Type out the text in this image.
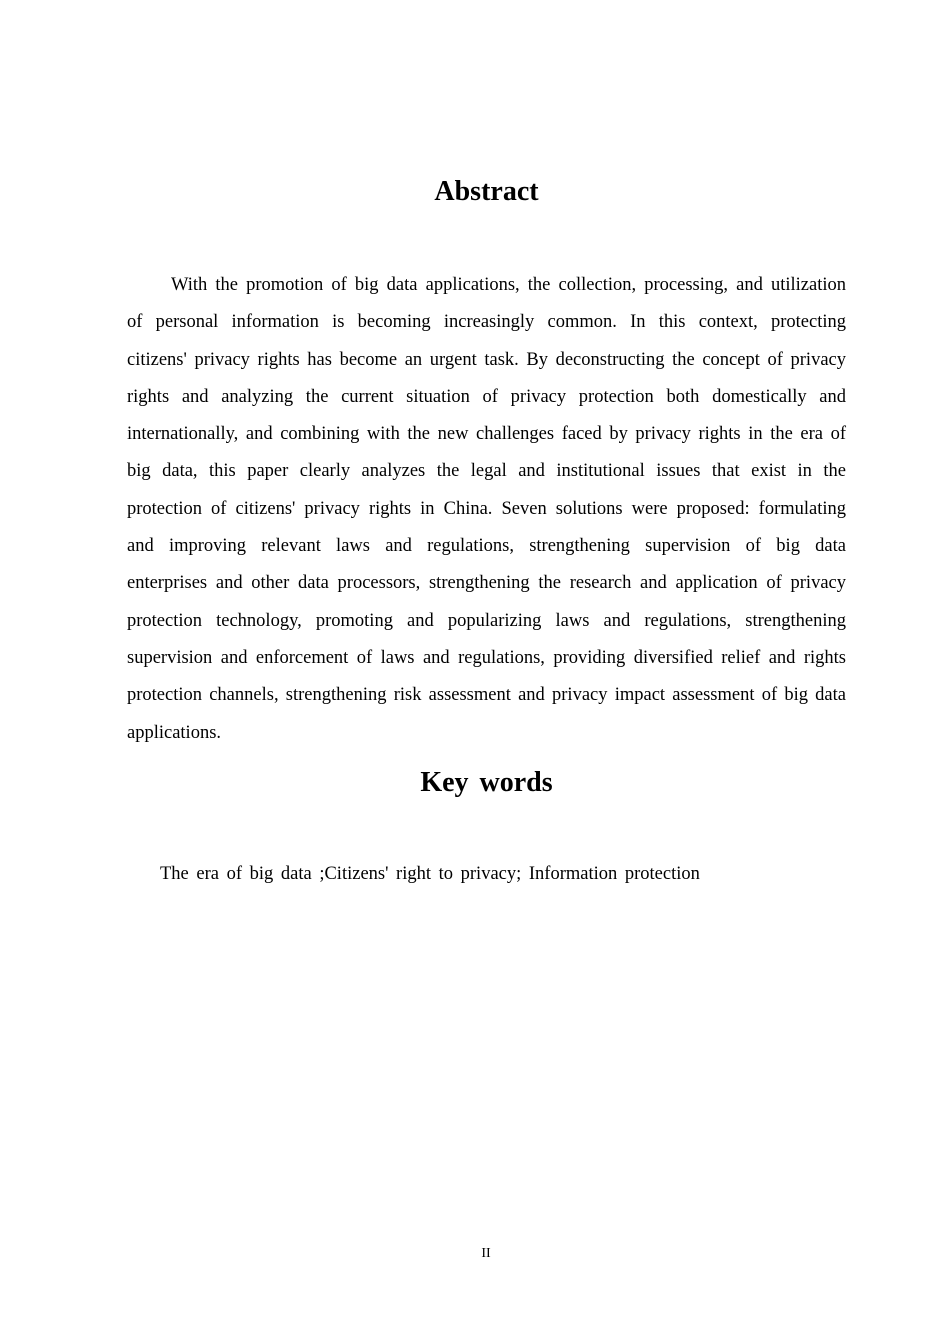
Abstract

With the promotion of big data applications, the collection, processing, and utilization of personal information is becoming increasingly common. In this context, protecting citizens' privacy rights has become an urgent task. By deconstructing the concept of privacy rights and analyzing the current situation of privacy protection both domestically and internationally, and combining with the new challenges faced by privacy rights in the era of big data, this paper clearly analyzes the legal and institutional issues that exist in the protection of citizens' privacy rights in China. Seven solutions were proposed: formulating and improving relevant laws and regulations, strengthening supervision of big data enterprises and other data processors, strengthening the research and application of privacy protection technology, promoting and popularizing laws and regulations, strengthening supervision and enforcement of laws and regulations, providing diversified relief and rights protection channels, strengthening risk assessment and privacy impact assessment of big data applications.

Key words

The era of big data ;Citizens' right to privacy; Information protection

II
